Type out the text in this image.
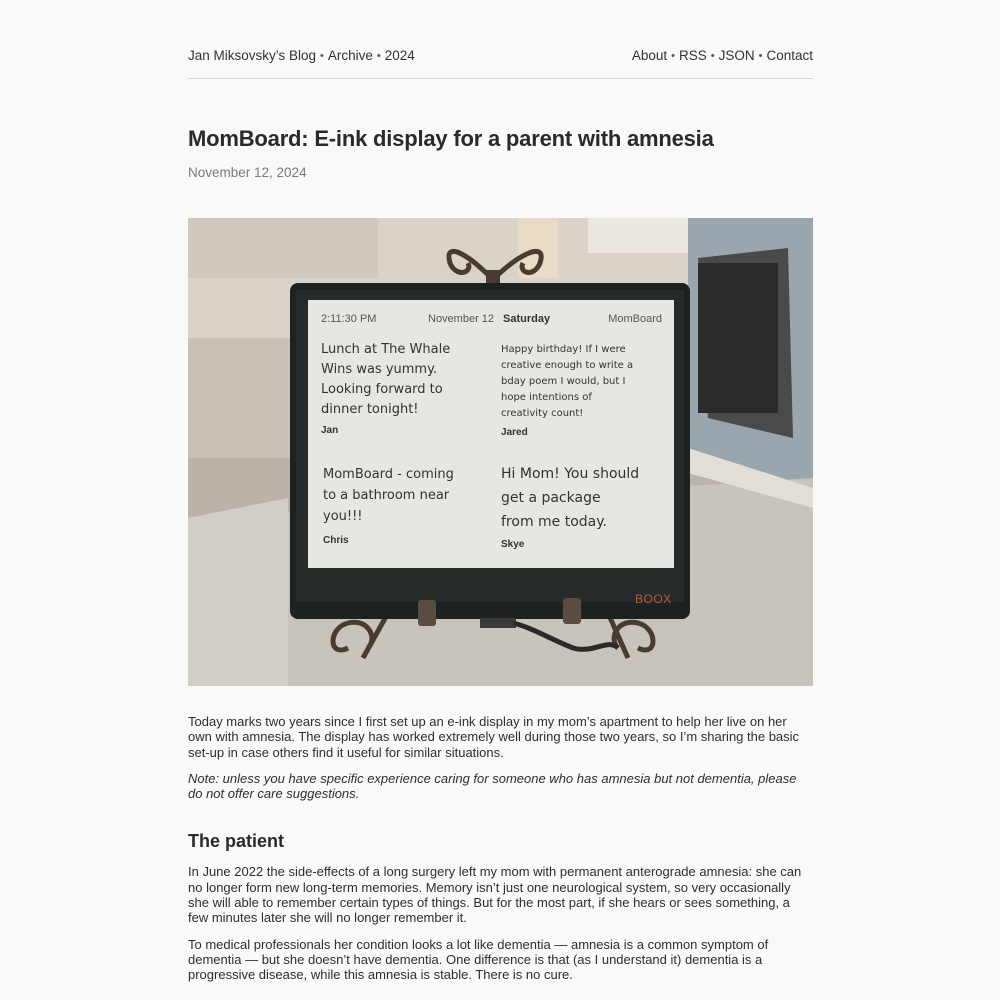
Jan Miksovsky’s Blog • Archive • 2024	About • RSS • JSON • Contact
MomBoard: E-ink display for a parent with amnesia
November 12, 2024
2:11:30 PM	November 12 Saturday	MomBoard
Lunch at The Whale
Wins was yummy.
Looking forward to
dinner tonight!
Jan
Happy birthday! If I were
creative enough to write a
bday poem I would, but I
hope intentions of
creativity count!
Jared
MomBoard - coming
to a bathroom near
you!!!
Chris
Hi Mom! You should
get a package
from me today.
Skye
BOOX

Today marks two years since I first set up an e-ink display in my mom’s apartment to help her live on her own with amnesia. The display has worked extremely well during those two years, so I’m sharing the basic set-up in case others find it useful for similar situations.

Note: unless you have specific experience caring for someone who has amnesia but not dementia, please do not offer care suggestions.

The patient

In June 2022 the side-effects of a long surgery left my mom with permanent anterograde amnesia: she can no longer form new long-term memories. Memory isn’t just one neurological system, so very occasionally she will able to remember certain types of things. But for the most part, if she hears or sees something, a few minutes later she will no longer remember it.

To medical professionals her condition looks a lot like dementia — amnesia is a common symptom of dementia — but she doesn’t have dementia. One difference is that (as I understand it) dementia is a progressive disease, while this amnesia is stable. There is no cure.
